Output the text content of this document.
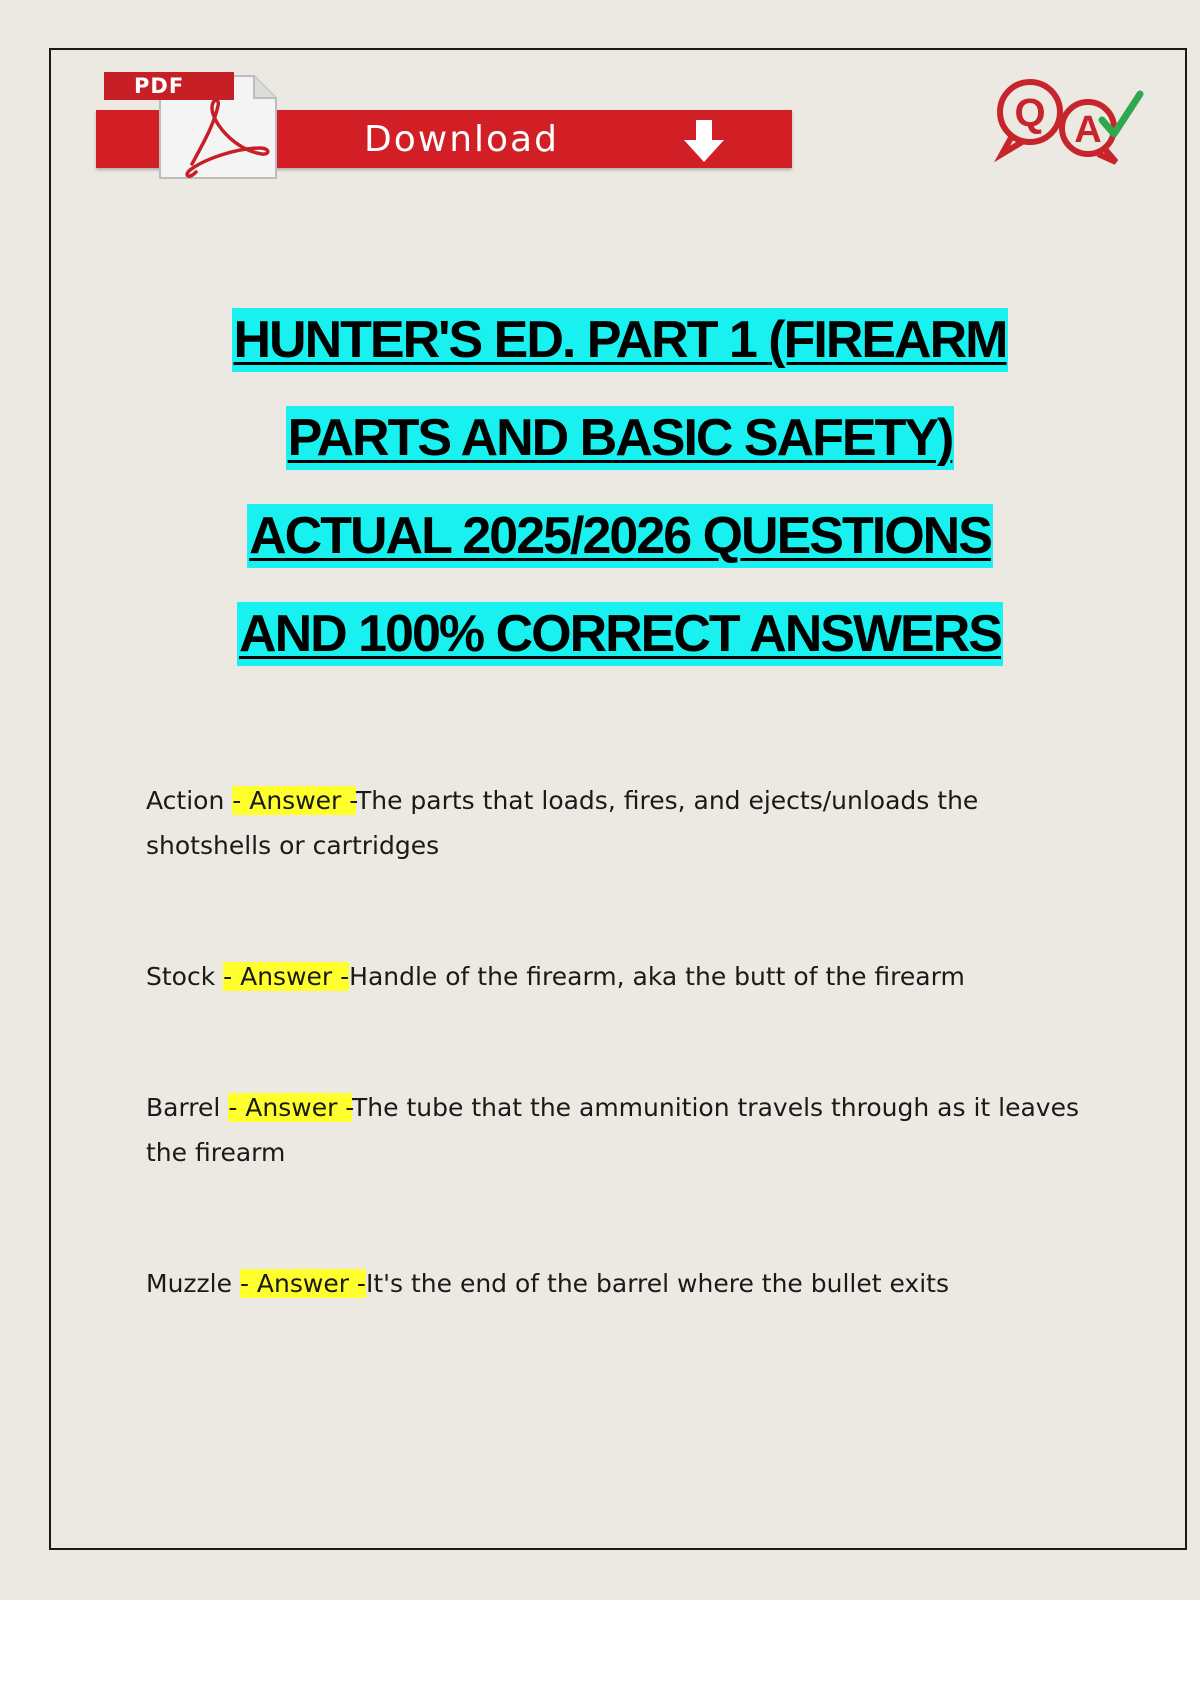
PDF
Download
Q A
HUNTER'S ED. PART 1 (FIREARM
PARTS AND BASIC SAFETY)
ACTUAL 2025/2026 QUESTIONS
AND 100% CORRECT ANSWERS
Action - Answer -The parts that loads, fires, and ejects/unloads the shotshells or cartridges
Stock - Answer -Handle of the firearm, aka the butt of the firearm
Barrel - Answer -The tube that the ammunition travels through as it leaves the firearm
Muzzle - Answer -It's the end of the barrel where the bullet exits
